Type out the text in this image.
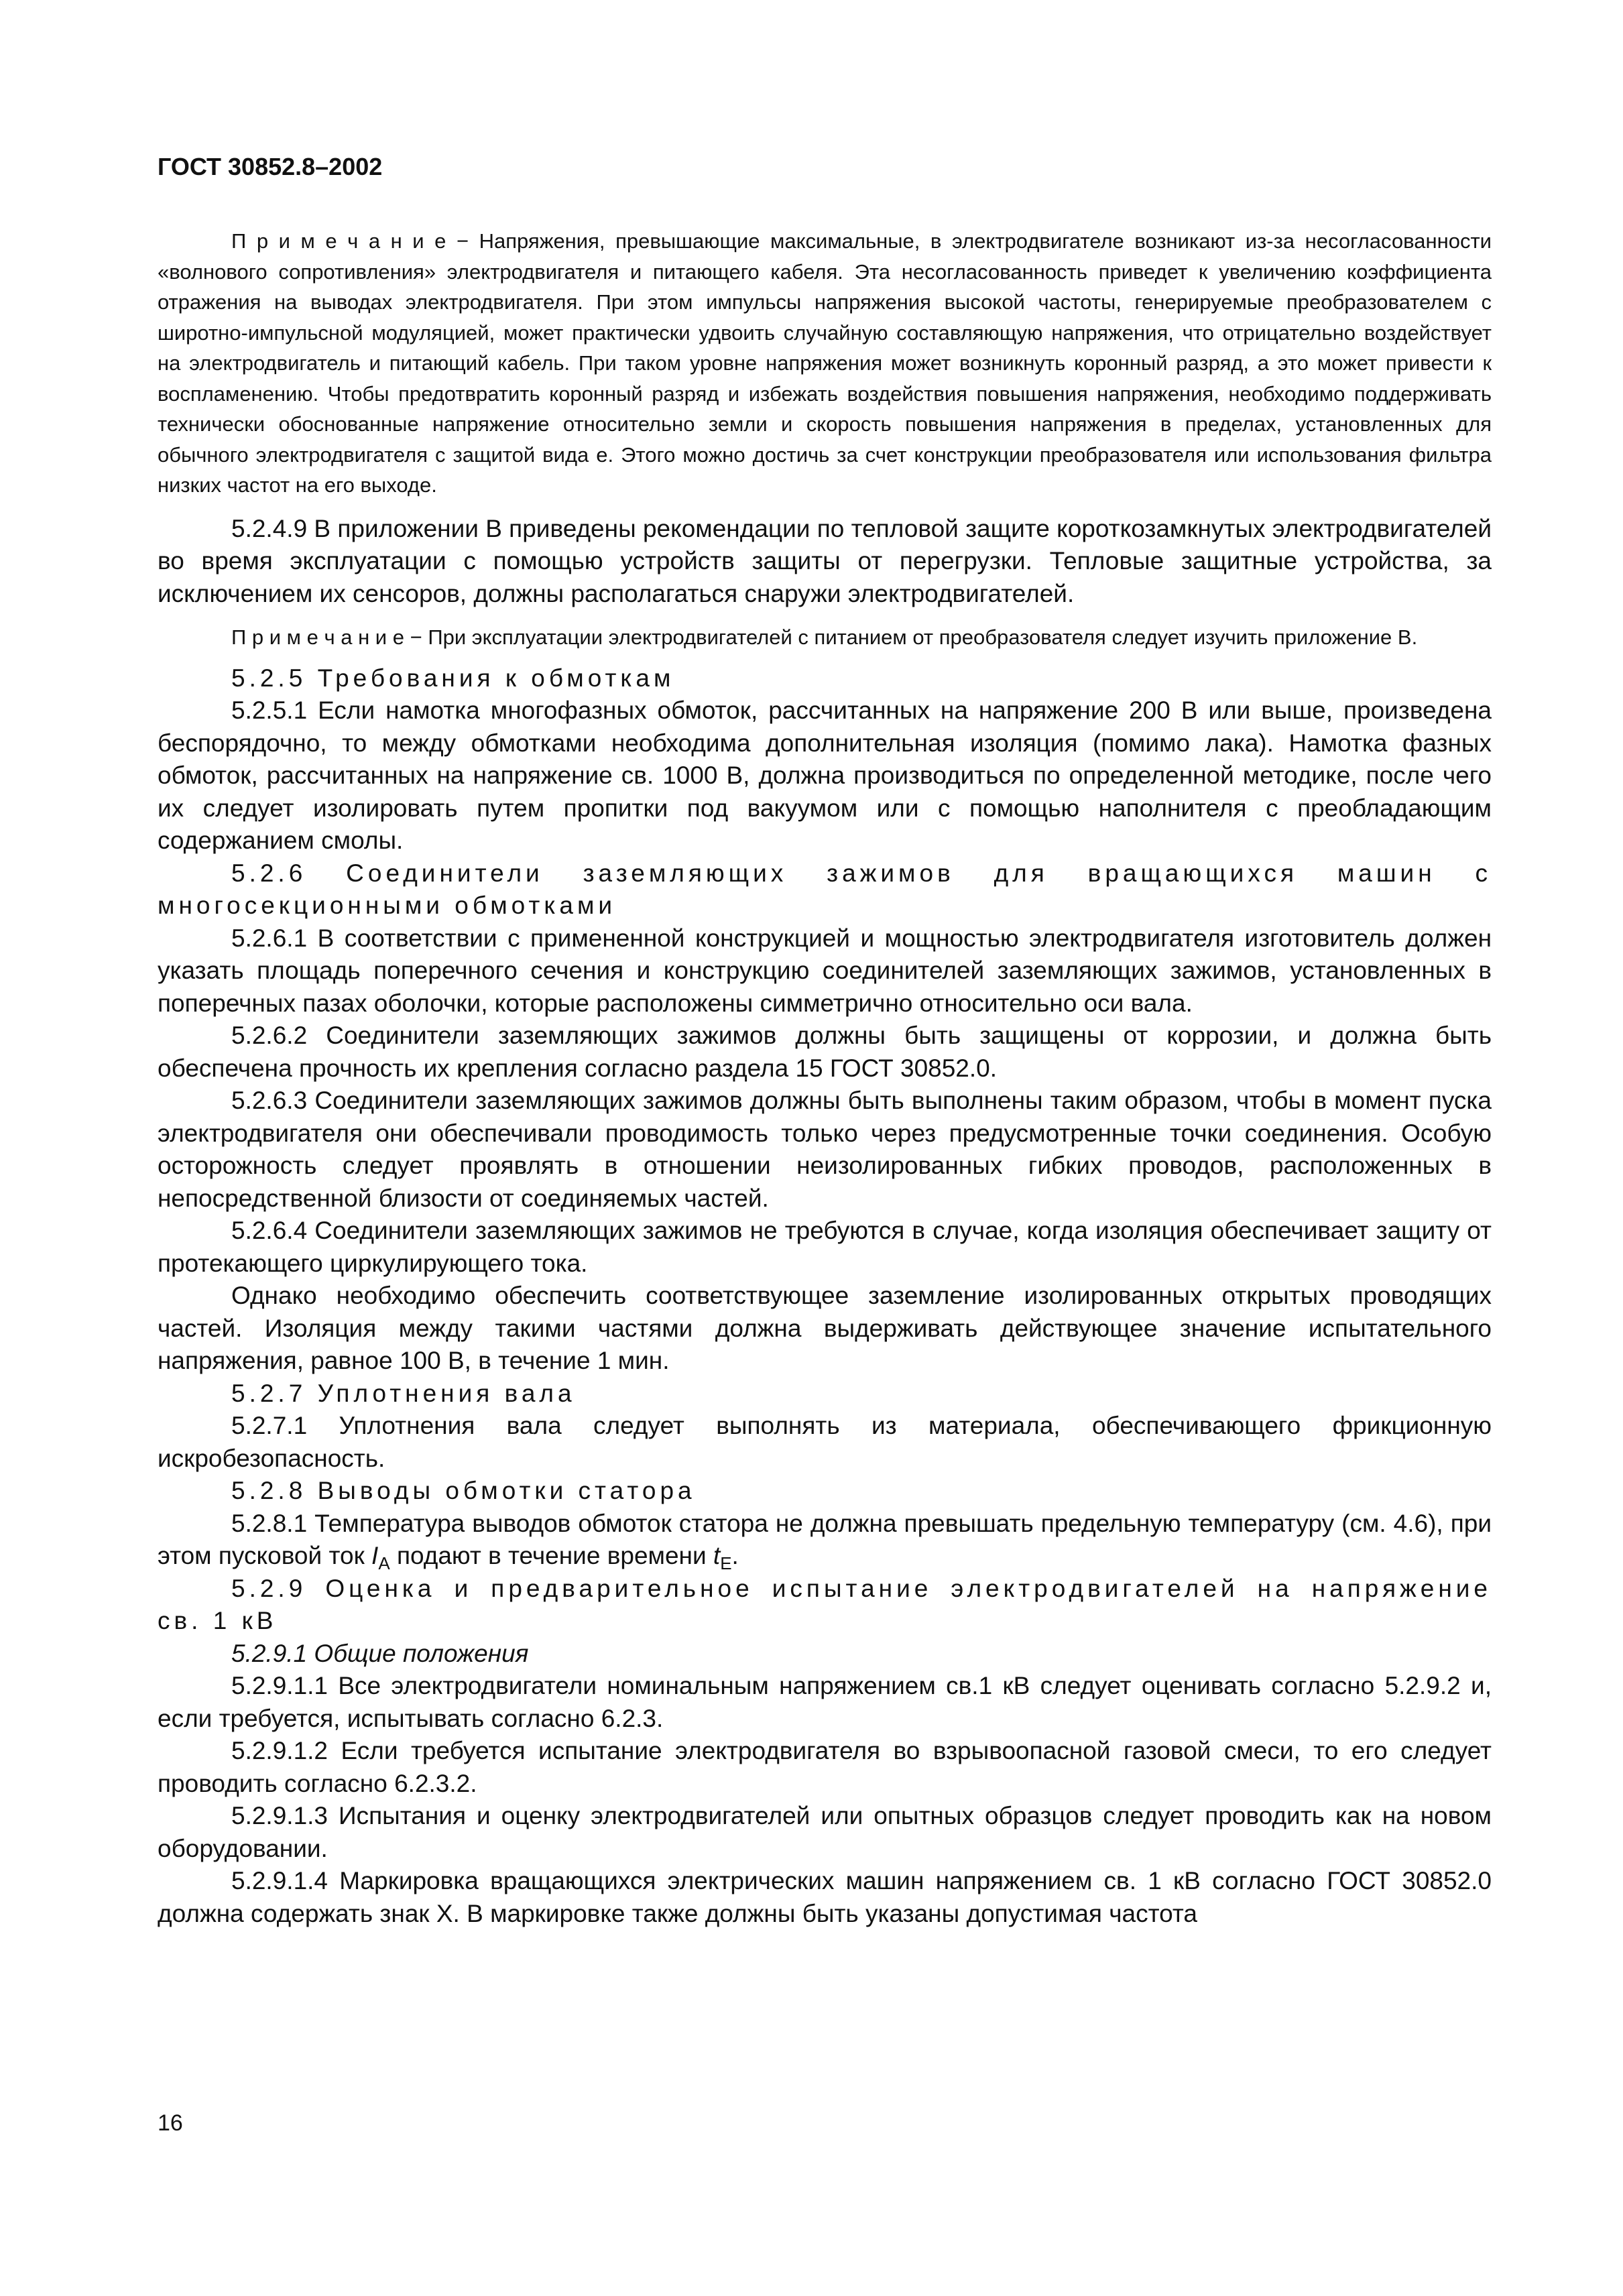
ГОСТ 30852.8–2002

П р и м е ч а н и е − Напряжения, превышающие максимальные, в электродвигателе возникают из-за несогласованности «волнового сопротивления» электродвигателя и питающего кабеля. Эта несогласованность приведет к увеличению коэффициента отражения на выводах электродвигателя. При этом импульсы напряжения высокой частоты, генерируемые преобразователем с широтно-импульсной модуляцией, может практически удвоить случайную составляющую напряжения, что отрицательно воздействует на электродвигатель и питающий кабель. При таком уровне напряжения может возникнуть коронный разряд, а это может привести к воспламенению. Чтобы предотвратить коронный разряд и избежать воздействия повышения напряжения, необходимо поддерживать технически обоснованные напряжение относительно земли и скорость повышения напряжения в пределах, установленных для обычного электродвигателя с защитой вида е. Этого можно достичь за счет конструкции преобразователя или использования фильтра низких частот на его выходе.

5.2.4.9 В приложении В приведены рекомендации по тепловой защите короткозамкнутых электродвигателей во время эксплуатации с помощью устройств защиты от перегрузки. Тепловые защитные устройства, за исключением их сенсоров, должны располагаться снаружи электродвигателей.

П р и м е ч а н и е − При эксплуатации электродвигателей с питанием от преобразователя следует изучить приложение В.

5.2.5 Требования к обмоткам

5.2.5.1 Если намотка многофазных обмоток, рассчитанных на напряжение 200 В или выше, произведена беспорядочно, то между обмотками необходима дополнительная изоляция (помимо лака). Намотка фазных обмоток, рассчитанных на напряжение св. 1000 В, должна производиться по определенной методике, после чего их следует изолировать путем пропитки под вакуумом или с помощью наполнителя с преобладающим содержанием смолы.

5.2.6 Соединители заземляющих зажимов для вращающихся машин с многосекционными обмотками

5.2.6.1 В соответствии с примененной конструкцией и мощностью электродвигателя изготовитель должен указать площадь поперечного сечения и конструкцию соединителей заземляющих зажимов, установленных в поперечных пазах оболочки, которые расположены симметрично относительно оси вала.

5.2.6.2 Соединители заземляющих зажимов должны быть защищены от коррозии, и должна быть обеспечена прочность их крепления согласно раздела 15 ГОСТ 30852.0.

5.2.6.3 Соединители заземляющих зажимов должны быть выполнены таким образом, чтобы в момент пуска электродвигателя они обеспечивали проводимость только через предусмотренные точки соединения. Особую осторожность следует проявлять в отношении неизолированных гибких проводов, расположенных в непосредственной близости от соединяемых частей.

5.2.6.4 Соединители заземляющих зажимов не требуются в случае, когда изоляция обеспечивает защиту от протекающего циркулирующего тока.

Однако необходимо обеспечить соответствующее заземление изолированных открытых проводящих частей. Изоляция между такими частями должна выдерживать действующее значение испытательного напряжения, равное 100 В, в течение 1 мин.

5.2.7 Уплотнения вала

5.2.7.1 Уплотнения вала следует выполнять из материала, обеспечивающего фрикционную искробезопасность.

5.2.8 Выводы обмотки статора

5.2.8.1 Температура выводов обмоток статора не должна превышать предельную температуру (см. 4.6), при этом пусковой ток $I_A$ подают в течение времени $t_E$.

5.2.9 Оценка и предварительное испытание электродвигателей на напряжение св. 1 кВ

5.2.9.1 Общие положения

5.2.9.1.1 Все электродвигатели номинальным напряжением св.1 кВ следует оценивать согласно 5.2.9.2 и, если требуется, испытывать согласно 6.2.3.

5.2.9.1.2 Если требуется испытание электродвигателя во взрывоопасной газовой смеси, то его следует проводить согласно 6.2.3.2.

5.2.9.1.3 Испытания и оценку электродвигателей или опытных образцов следует проводить как на новом оборудовании.

5.2.9.1.4 Маркировка вращающихся электрических машин напряжением св. 1 кВ согласно ГОСТ 30852.0 должна содержать знак Х. В маркировке также должны быть указаны допустимая частота

16
